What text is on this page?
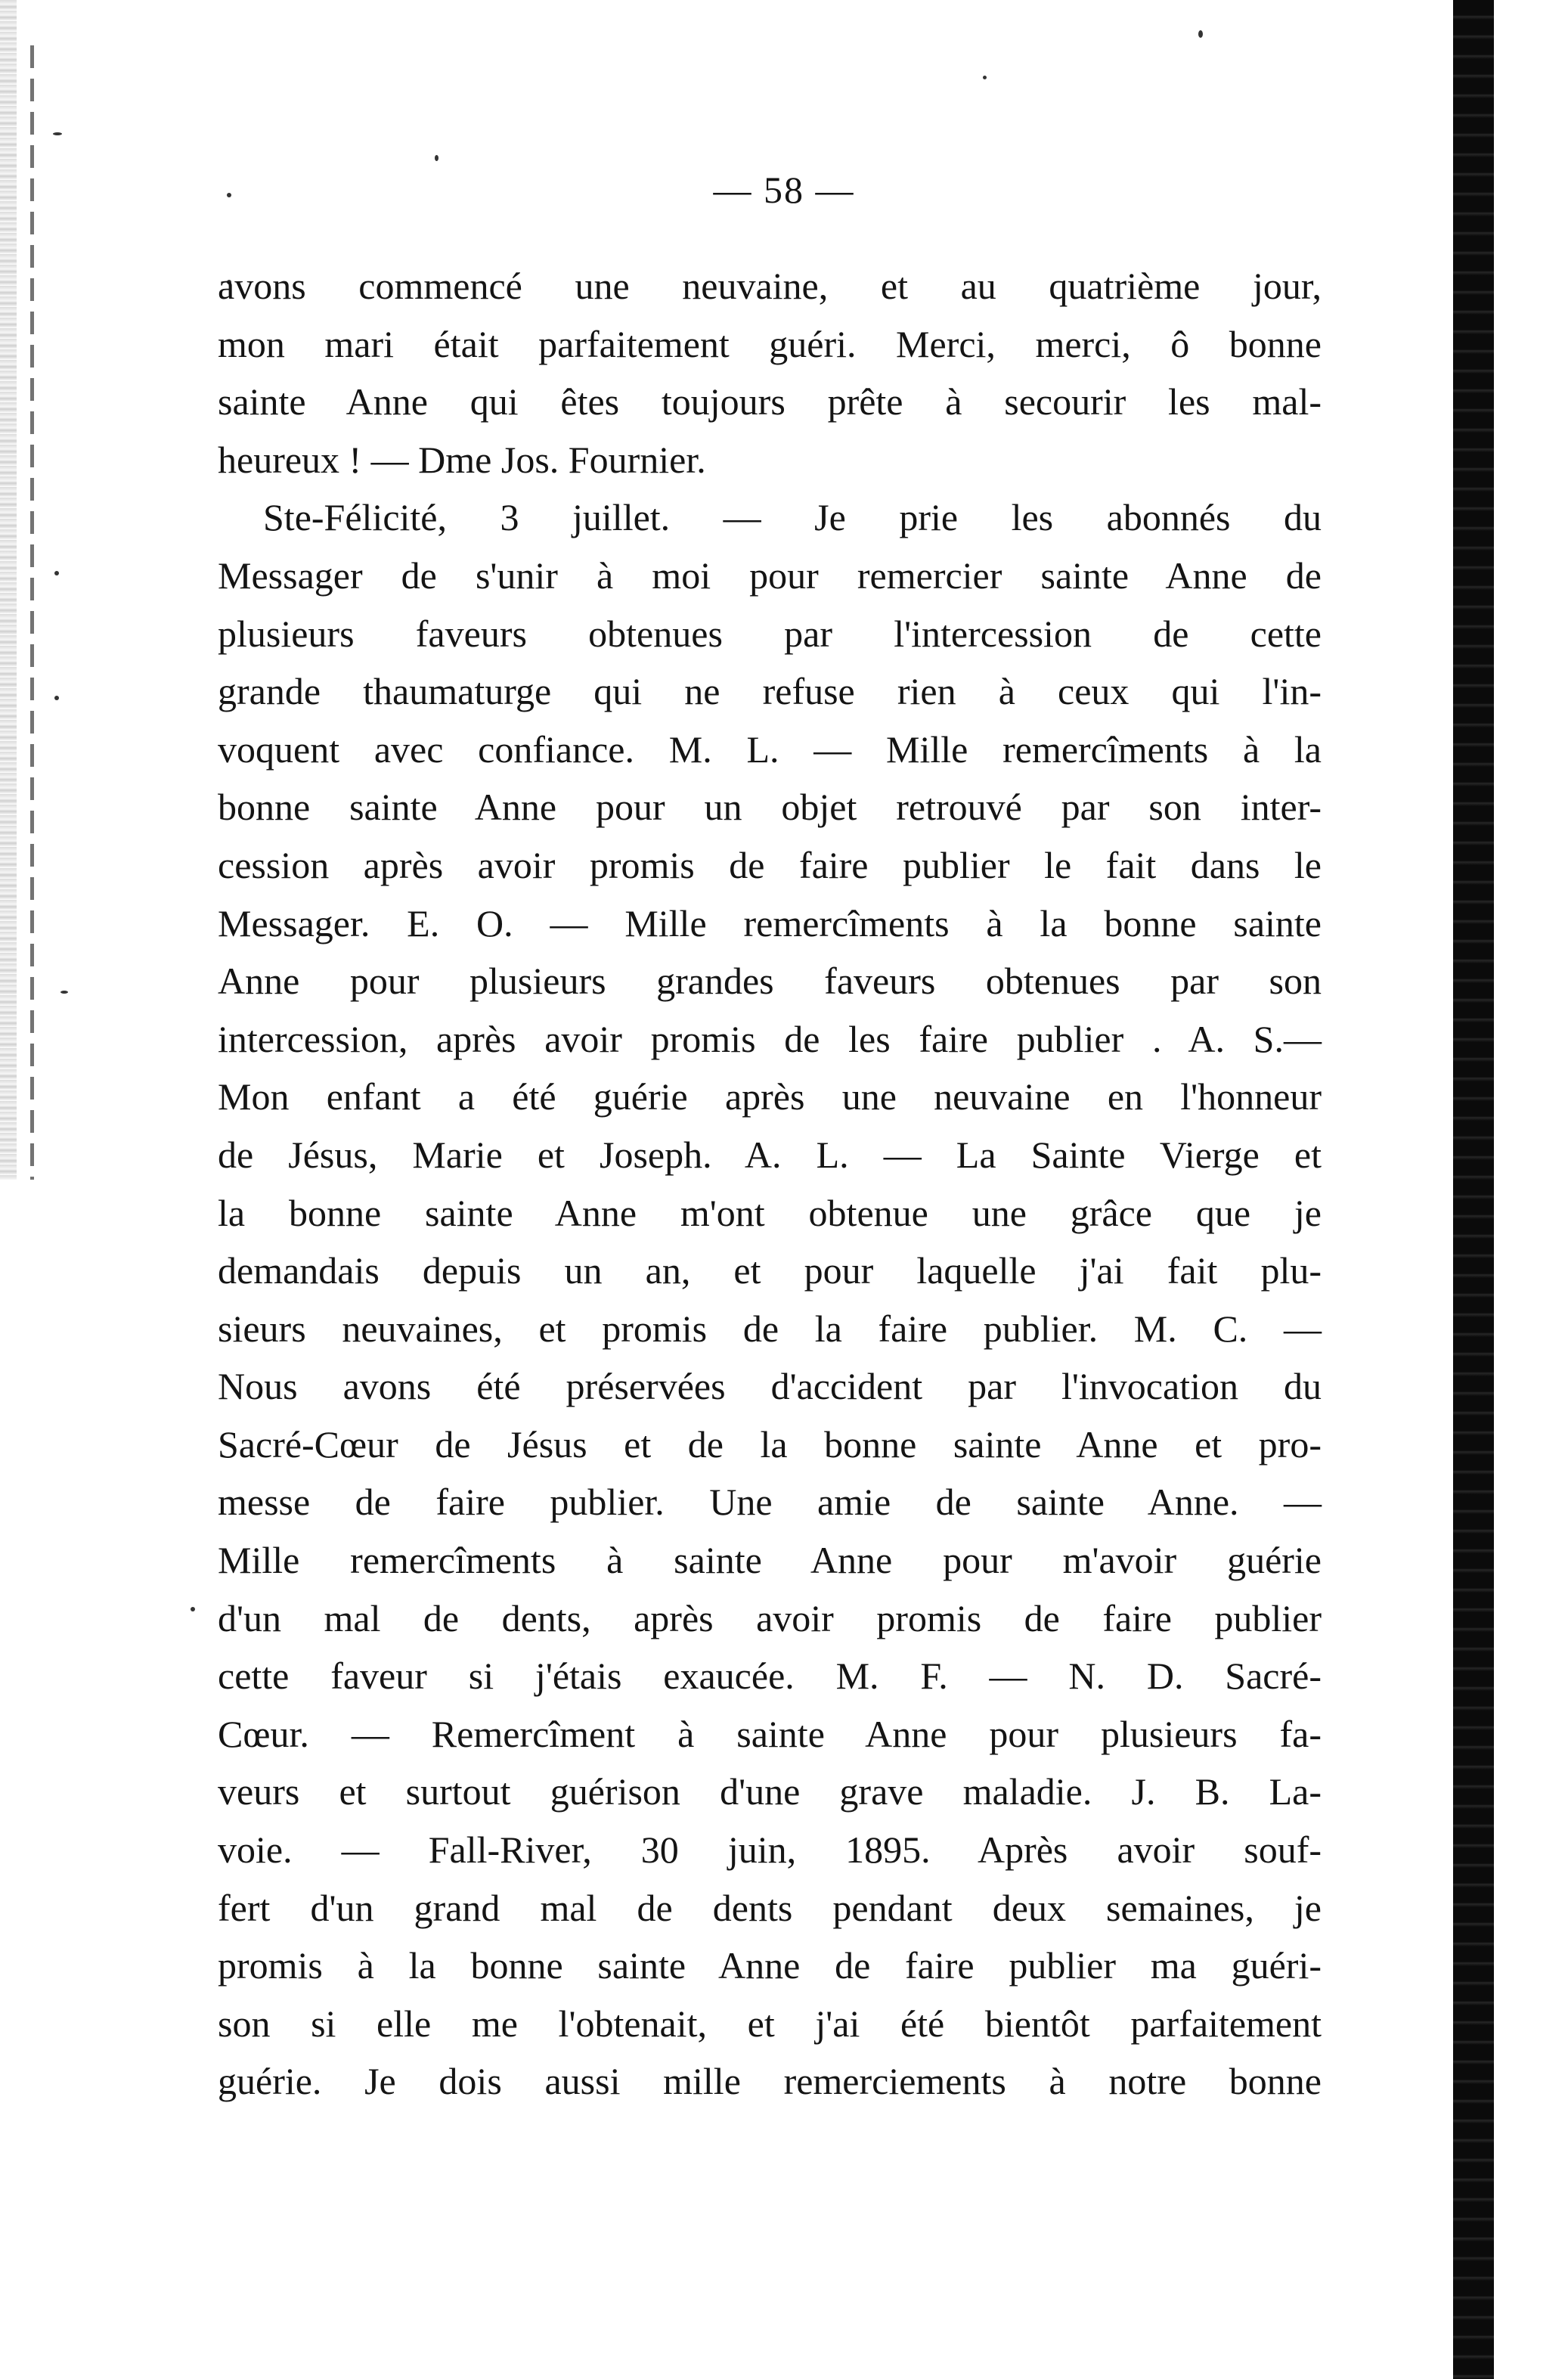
— 58 —
avons commencé une neuvaine, et au quatrième jour,
mon mari était parfaitement guéri. Merci, merci, ô bonne
sainte Anne qui êtes toujours prête à secourir les mal-
heureux ! — Dme Jos. Fournier.
Ste-Félicité, 3 juillet. — Je prie les abonnés du
Messager de s'unir à moi pour remercier sainte Anne de
plusieurs faveurs obtenues par l'intercession de cette
grande thaumaturge qui ne refuse rien à ceux qui l'in-
voquent avec confiance. M. L. — Mille remercîments à la
bonne sainte Anne pour un objet retrouvé par son inter-
cession après avoir promis de faire publier le fait dans le
Messager. E. O. — Mille remercîments à la bonne sainte
Anne pour plusieurs grandes faveurs obtenues par son
intercession, après avoir promis de les faire publier . A. S.—
Mon enfant a été guérie après une neuvaine en l'honneur
de Jésus, Marie et Joseph. A. L. — La Sainte Vierge et
la bonne sainte Anne m'ont obtenue une grâce que je
demandais depuis un an, et pour laquelle j'ai fait plu-
sieurs neuvaines, et promis de la faire publier. M. C. —
Nous avons été préservées d'accident par l'invocation du
Sacré-Cœur de Jésus et de la bonne sainte Anne et pro-
messe de faire publier. Une amie de sainte Anne. —
Mille remercîments à sainte Anne pour m'avoir guérie
d'un mal de dents, après avoir promis de faire publier
cette faveur si j'étais exaucée. M. F. — N. D. Sacré-
Cœur. — Remercîment à sainte Anne pour plusieurs fa-
veurs et surtout guérison d'une grave maladie. J. B. La-
voie. — Fall-River, 30 juin, 1895. Après avoir souf-
fert d'un grand mal de dents pendant deux semaines, je
promis à la bonne sainte Anne de faire publier ma guéri-
son si elle me l'obtenait, et j'ai été bientôt parfaitement
guérie. Je dois aussi mille remerciements à notre bonne
